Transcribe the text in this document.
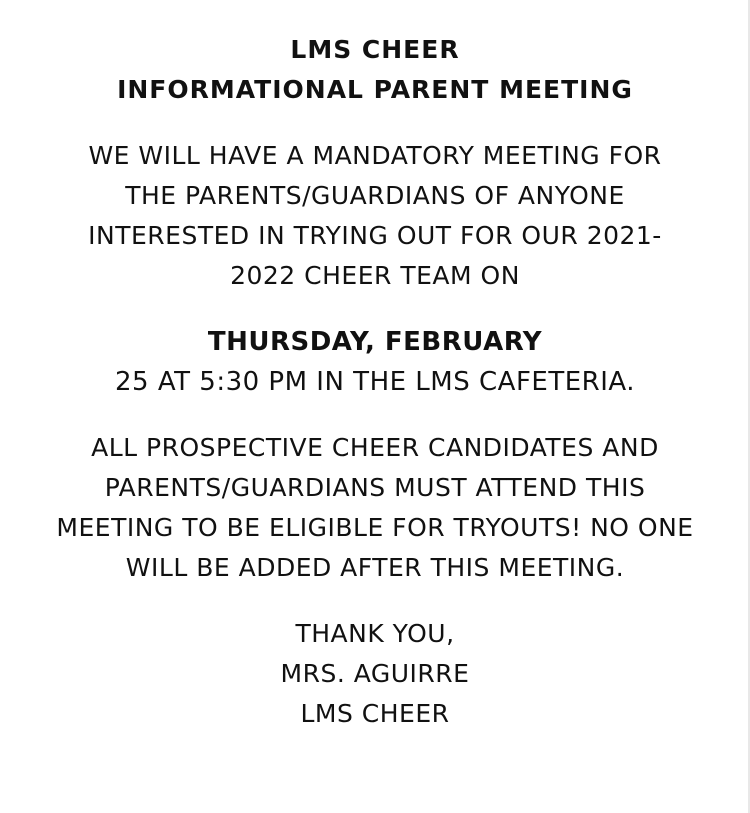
LMS CHEER
INFORMATIONAL PARENT MEETING
WE WILL HAVE A MANDATORY MEETING FOR
THE PARENTS/GUARDIANS OF ANYONE
INTERESTED IN TRYING OUT FOR OUR 2021-
2022 CHEER TEAM ON
THURSDAY, FEBRUARY
25 AT 5:30 PM IN THE LMS CAFETERIA.
ALL PROSPECTIVE CHEER CANDIDATES AND
PARENTS/GUARDIANS MUST ATTEND THIS
MEETING TO BE ELIGIBLE FOR TRYOUTS! NO ONE
WILL BE ADDED AFTER THIS MEETING.
THANK YOU,
MRS. AGUIRRE
LMS CHEER
